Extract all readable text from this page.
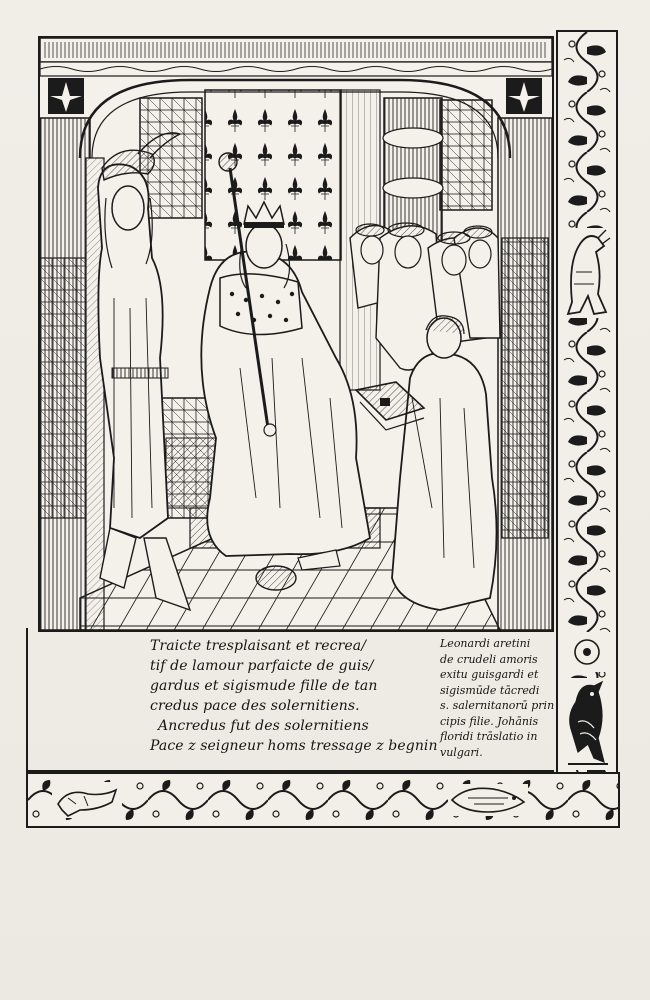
Traicte tresplaisant et recrea/
tif de lamour parfaicte de guis/
gardus et sigismude fille de tan
credus pace des solernitiens.
Ancredus fut des solernitiens
Pace z seigneur homs tressage z begnin
Leonardi aretini
de crudeli amoris
exitu guisgardi et
sigismūde tācredi
s. salernitanorū prin
cipis filie. Johānis
floridi trāslatio in
vulgari.
